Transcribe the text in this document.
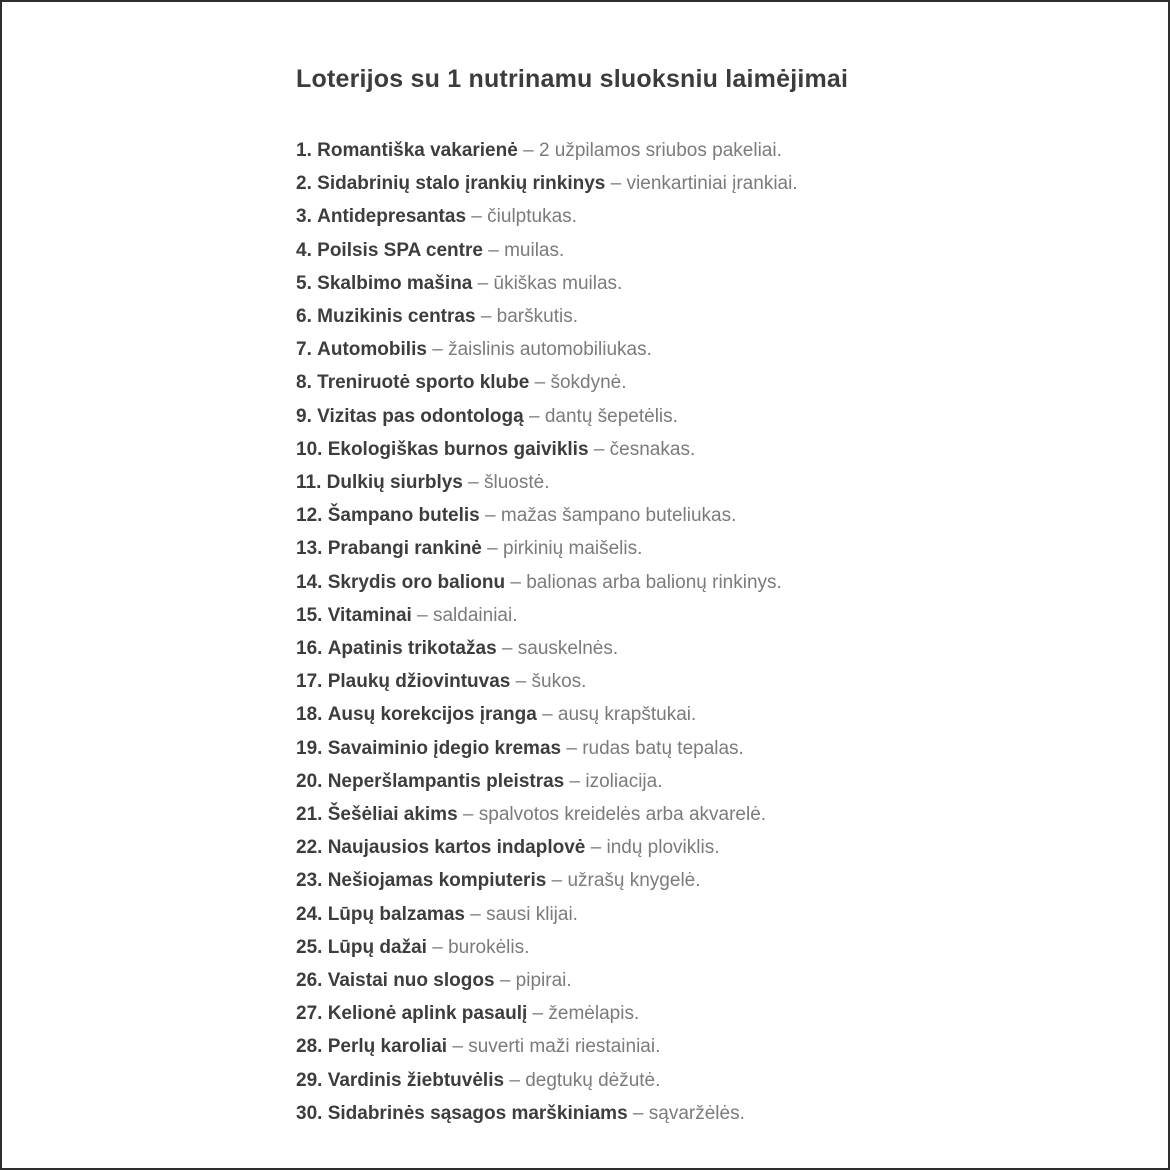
Loterijos su 1 nutrinamu sluoksniu laimėjimai
1. Romantiška vakarienė – 2 užpilamos sriubos pakeliai.
2. Sidabrinių stalo įrankių rinkinys – vienkartiniai įrankiai.
3. Antidepresantas – čiulptukas.
4. Poilsis SPA centre – muilas.
5. Skalbimo mašina – ūkiškas muilas.
6. Muzikinis centras – barškutis.
7. Automobilis – žaislinis automobiliukas.
8. Treniruotė sporto klube – šokdynė.
9. Vizitas pas odontologą – dantų šepetėlis.
10. Ekologiškas burnos gaiviklis – česnakas.
11. Dulkių siurblys – šluostė.
12. Šampano butelis – mažas šampano buteliukas.
13. Prabangi rankinė – pirkinių maišelis.
14. Skrydis oro balionu – balionas arba balionų rinkinys.
15. Vitaminai – saldainiai.
16. Apatinis trikotažas – sauskelnės.
17. Plaukų džiovintuvas – šukos.
18. Ausų korekcijos įranga – ausų krapštukai.
19. Savaiminio įdegio kremas – rudas batų tepalas.
20. Neperšlampantis pleistras – izoliacija.
21. Šešėliai akims – spalvotos kreidelės arba akvarelė.
22. Naujausios kartos indaplovė – indų ploviklis.
23. Nešiojamas kompiuteris – užrašų knygelė.
24. Lūpų balzamas – sausi klijai.
25. Lūpų dažai – burokėlis.
26. Vaistai nuo slogos – pipirai.
27. Kelionė aplink pasaulį – žemėlapis.
28. Perlų karoliai – suverti maži riestainiai.
29. Vardinis žiebtuvėlis – degtukų dėžutė.
30. Sidabrinės sąsagos marškiniams – sąvaržėlės.
